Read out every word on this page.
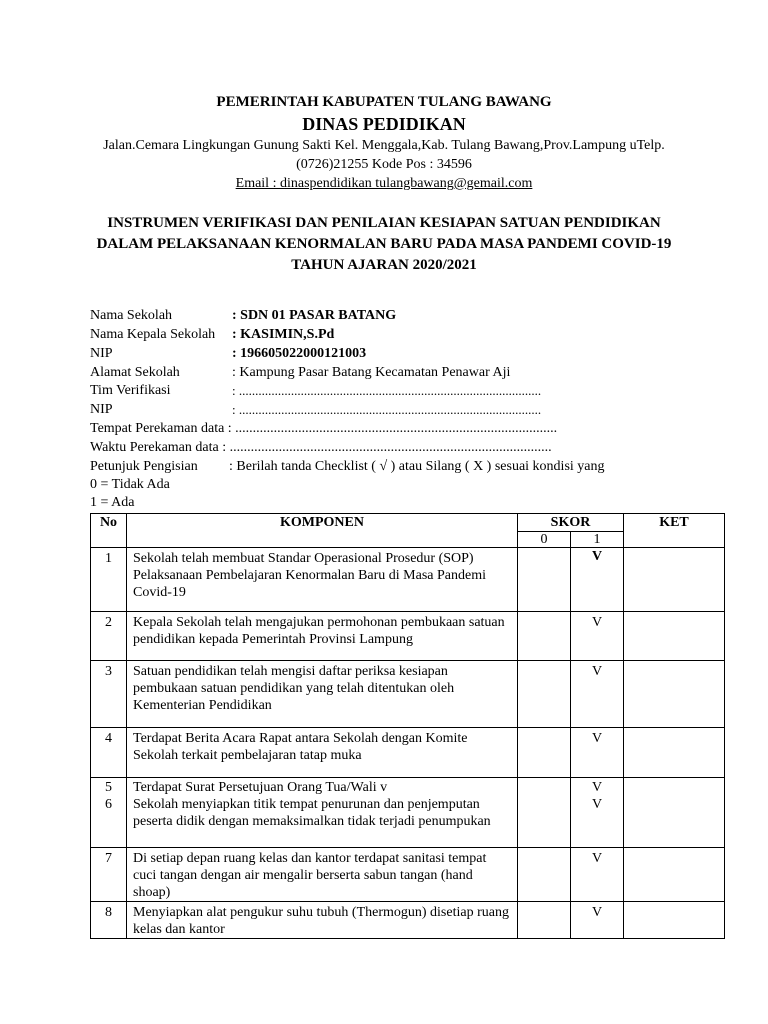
PEMERINTAH KABUPATEN TULANG BAWANG
DINAS PEDIDIKAN
Jalan.Cemara Lingkungan Gunung Sakti Kel. Menggala,Kab. Tulang Bawang,Prov.Lampung uTelp.
(0726)21255 Kode Pos : 34596
Email : dinaspendidikan tulangbawang@gemail.com
INSTRUMEN VERIFIKASI DAN PENILAIAN KESIAPAN SATUAN PENDIDIKAN
DALAM PELAKSANAAN KENORMALAN BARU PADA MASA PANDEMI COVID-19
TAHUN AJARAN 2020/2021
Nama Sekolah	: SDN 01 PASAR BATANG
Nama Kepala Sekolah : KASIMIN,S.Pd
NIP	: 196605022000121003
Alamat Sekolah	: Kampung Pasar Batang Kecamatan Penawar Aji
Tim Verifikasi	: .............................................................................................
NIP	: .............................................................................................
Tempat Perekaman data : ............................................................................................
Waktu Perekaman data : ............................................................................................
Petunjuk Pengisian : Berilah tanda Checklist ( √ ) atau Silang ( X ) sesuai kondisi yang
0 = Tidak Ada
1 = Ada
No	KOMPONEN	SKOR		KET
		0	1	
1	Sekolah telah membuat Standar Operasional Prosedur (SOP) Pelaksanaan Pembelajaran Kenormalan Baru di Masa Pandemi Covid-19		V	
2	Kepala Sekolah telah mengajukan permohonan pembukaan satuan pendidikan kepada Pemerintah Provinsi Lampung		V	
3	Satuan pendidikan telah mengisi daftar periksa kesiapan pembukaan satuan pendidikan yang telah ditentukan oleh Kementerian Pendidikan		V	
4	Terdapat Berita Acara Rapat antara Sekolah dengan Komite Sekolah terkait pembelajaran tatap muka		V	
5	Terdapat Surat Persetujuan Orang Tua/Wali v		V	
6	Sekolah menyiapkan titik tempat penurunan dan penjemputan peserta didik dengan memaksimalkan tidak terjadi penumpukan		V	
7	Di setiap depan ruang kelas dan kantor terdapat sanitasi tempat cuci tangan dengan air mengalir berserta sabun tangan (hand shoap)		V	
8	Menyiapkan alat pengukur suhu tubuh (Thermogun) disetiap ruang kelas dan kantor		V	
